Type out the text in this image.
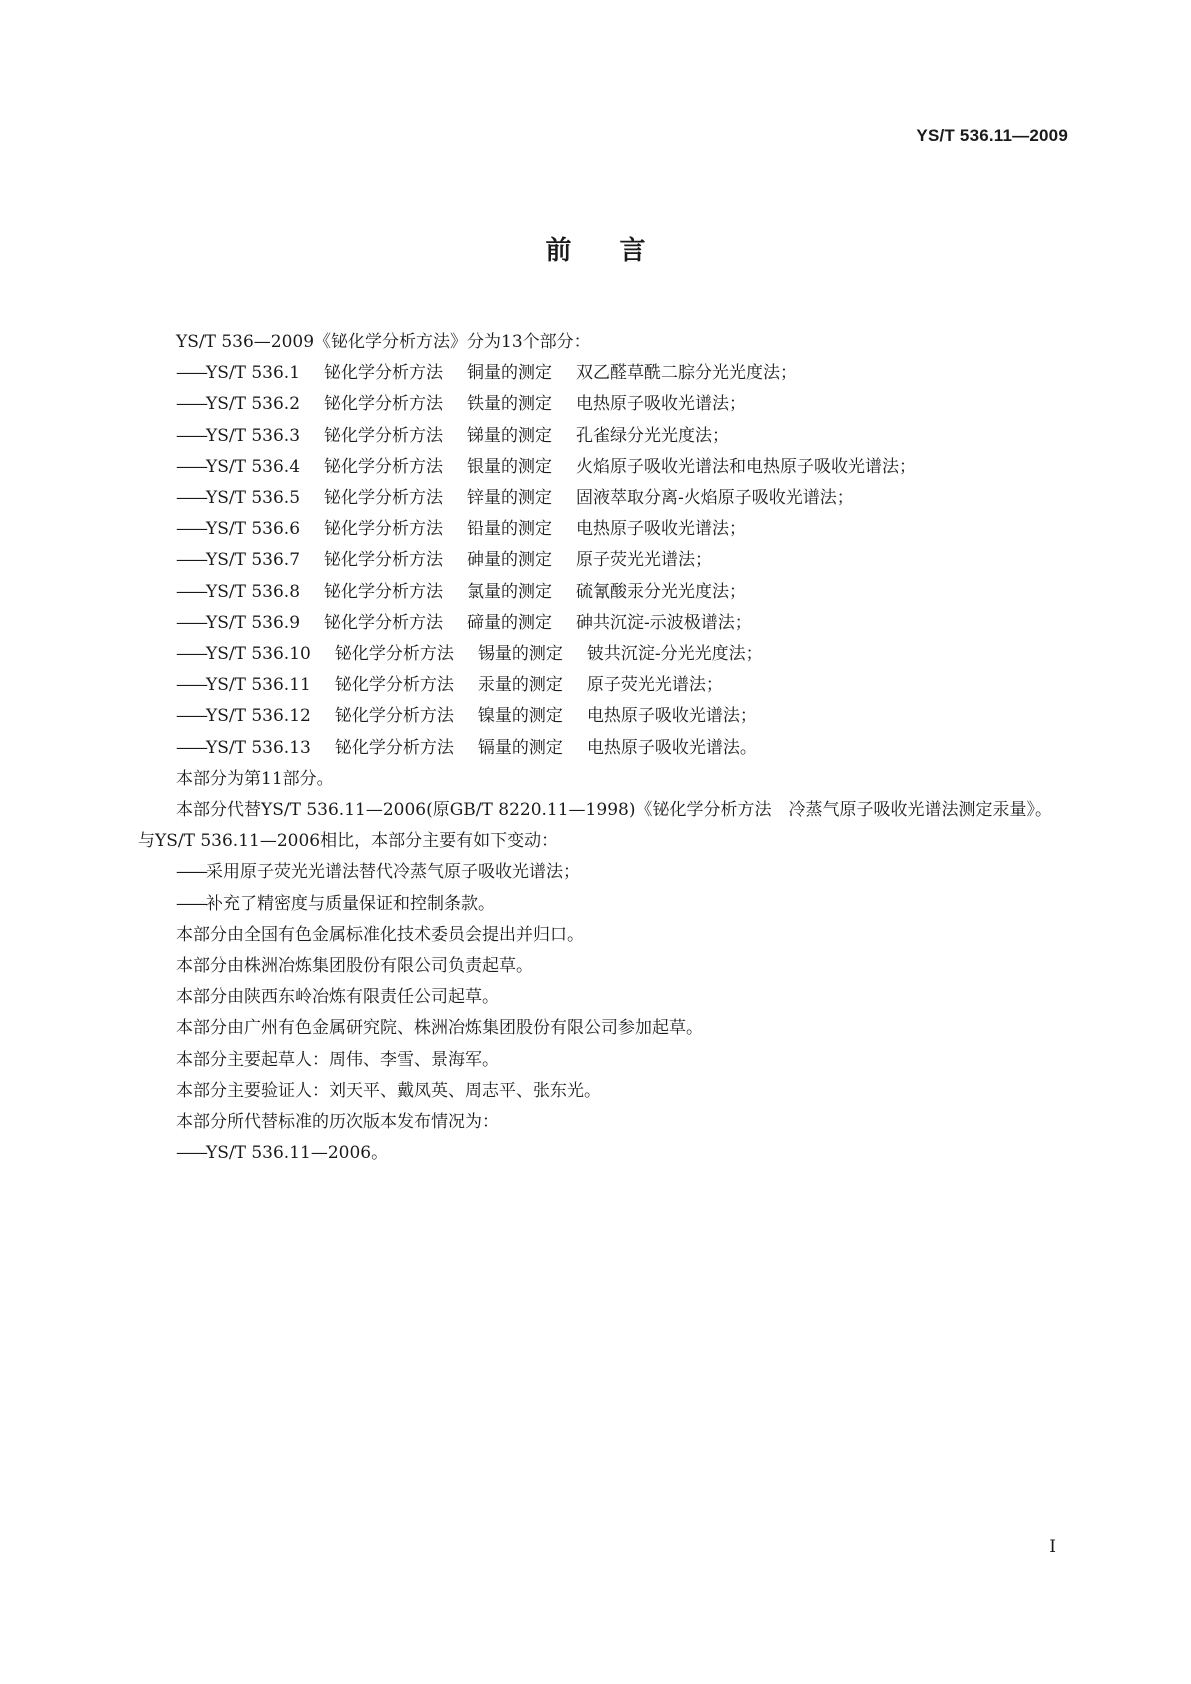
YS/T 536.11—2009
前 言
YS/T 536—2009《铋化学分析方法》分为13个部分：
——YS/T 536.1 铋化学分析方法 铜量的测定 双乙醛草酰二腙分光光度法；
——YS/T 536.2 铋化学分析方法 铁量的测定 电热原子吸收光谱法；
——YS/T 536.3 铋化学分析方法 锑量的测定 孔雀绿分光光度法；
——YS/T 536.4 铋化学分析方法 银量的测定 火焰原子吸收光谱法和电热原子吸收光谱法；
——YS/T 536.5 铋化学分析方法 锌量的测定 固液萃取分离-火焰原子吸收光谱法；
——YS/T 536.6 铋化学分析方法 铅量的测定 电热原子吸收光谱法；
——YS/T 536.7 铋化学分析方法 砷量的测定 原子荧光光谱法；
——YS/T 536.8 铋化学分析方法 氯量的测定 硫氰酸汞分光光度法；
——YS/T 536.9 铋化学分析方法 碲量的测定 砷共沉淀-示波极谱法；
——YS/T 536.10 铋化学分析方法 锡量的测定 铍共沉淀-分光光度法；
——YS/T 536.11 铋化学分析方法 汞量的测定 原子荧光光谱法；
——YS/T 536.12 铋化学分析方法 镍量的测定 电热原子吸收光谱法；
——YS/T 536.13 铋化学分析方法 镉量的测定 电热原子吸收光谱法。
本部分为第11部分。
本部分代替YS/T 536.11—2006(原GB/T 8220.11—1998)《铋化学分析方法　冷蒸气原子吸收光谱法测定汞量》。与YS/T 536.11—2006相比，本部分主要有如下变动：
——采用原子荧光光谱法替代冷蒸气原子吸收光谱法；
——补充了精密度与质量保证和控制条款。
本部分由全国有色金属标准化技术委员会提出并归口。
本部分由株洲冶炼集团股份有限公司负责起草。
本部分由陕西东岭冶炼有限责任公司起草。
本部分由广州有色金属研究院、株洲冶炼集团股份有限公司参加起草。
本部分主要起草人：周伟、李雪、景海军。
本部分主要验证人：刘天平、戴凤英、周志平、张东光。
本部分所代替标准的历次版本发布情况为：
——YS/T 536.11—2006。
I
